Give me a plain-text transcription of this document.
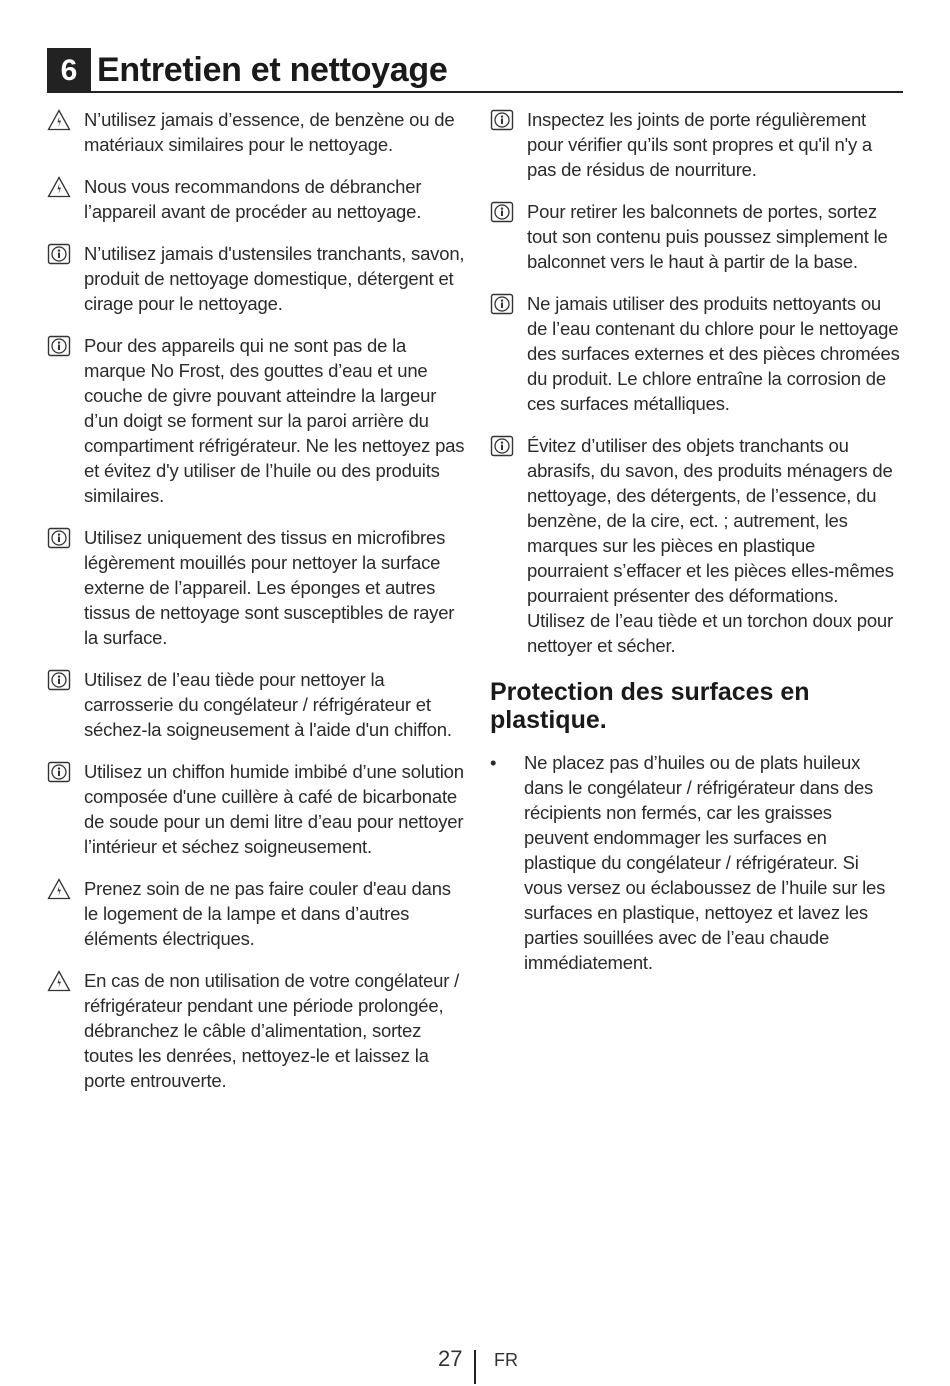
6 Entretien et nettoyage
N’utilisez jamais d’essence, de benzène ou de matériaux similaires pour le nettoyage.
Nous vous recommandons de débrancher l’appareil avant de procéder au nettoyage.
N’utilisez jamais d'ustensiles tranchants, savon, produit de nettoyage domestique, détergent et cirage pour le nettoyage.
Pour des appareils qui ne sont pas de la marque No Frost, des gouttes d’eau et une couche de givre pouvant atteindre la largeur d’un doigt se forment sur la paroi arrière du compartiment réfrigérateur. Ne les nettoyez pas et évitez d'y utiliser de l’huile ou des produits similaires.
Utilisez uniquement des tissus en microfibres légèrement mouillés pour nettoyer la surface externe de l’appareil. Les éponges et autres tissus de nettoyage sont susceptibles de rayer la surface.
Utilisez de l’eau tiède pour nettoyer la carrosserie du congélateur / réfrigérateur et séchez-la soigneusement à l'aide d'un chiffon.
Utilisez un chiffon humide imbibé d’une solution composée d'une cuillère à café de bicarbonate de soude pour un demi litre d’eau pour nettoyer l’intérieur et séchez soigneusement.
Prenez soin de ne pas faire couler d'eau dans le logement de la lampe et dans d’autres éléments électriques.
En cas de non utilisation de votre congélateur / réfrigérateur pendant une période prolongée, débranchez le câble d’alimentation, sortez toutes les denrées, nettoyez-le et laissez la porte entrouverte.
Inspectez les joints de porte régulièrement pour vérifier qu’ils sont propres et qu'il n'y a pas de résidus de nourriture.
Pour retirer les balconnets de portes, sortez tout son contenu puis poussez simplement le balconnet vers le haut à partir de la base.
Ne jamais utiliser des produits nettoyants ou de l’eau contenant du chlore pour le nettoyage des surfaces externes et des pièces chromées du produit. Le chlore entraîne la corrosion de ces surfaces métalliques.
Évitez d’utiliser des objets tranchants ou abrasifs, du savon, des produits ménagers de nettoyage, des détergents, de l’essence, du benzène, de la cire, ect. ; autrement, les marques sur les pièces en plastique pourraient s’effacer et les pièces elles-mêmes pourraient présenter des déformations. Utilisez de l’eau tiède et un torchon doux pour nettoyer et sécher.
Protection des surfaces en plastique.
• Ne placez pas d’huiles ou de plats huileux dans le congélateur / réfrigérateur dans des récipients non fermés, car les graisses peuvent endommager les surfaces en plastique du congélateur / réfrigérateur. Si vous versez ou éclaboussez de l’huile sur les surfaces en plastique, nettoyez et lavez les parties souillées avec de l’eau chaude immédiatement.
27 FR
